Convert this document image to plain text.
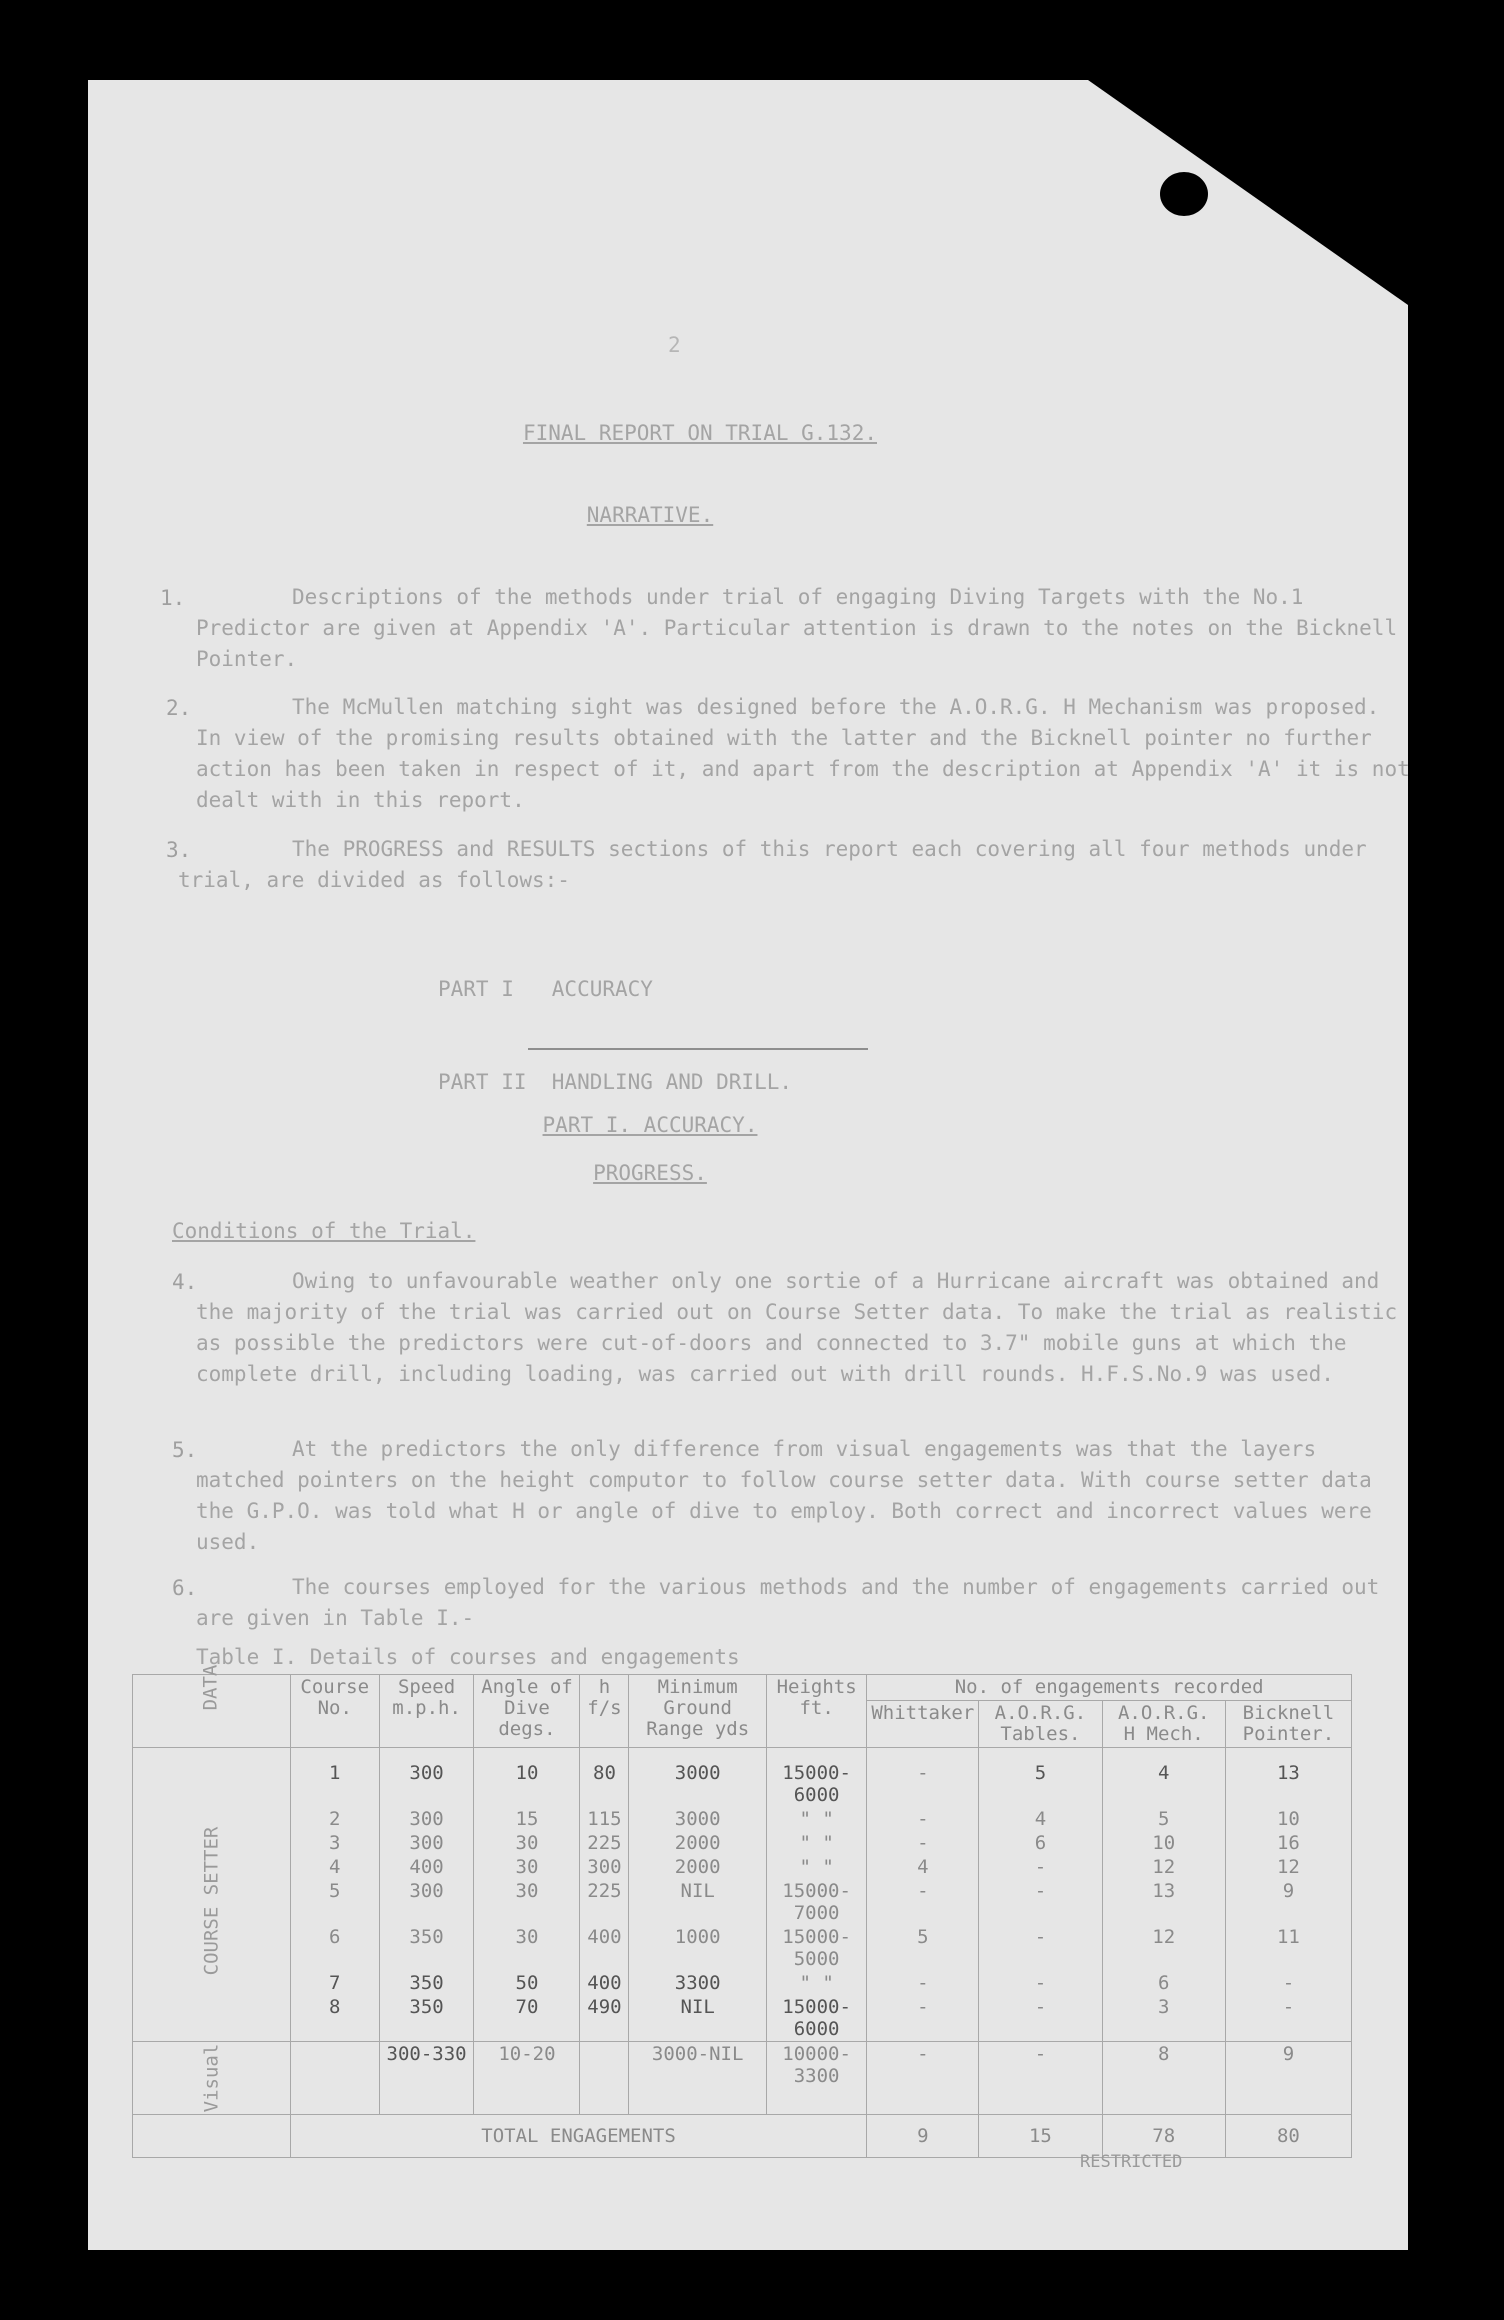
2
FINAL REPORT ON TRIAL G.132.
NARRATIVE.
1.	Descriptions of the methods under trial of engaging Diving Targets with the No.1 Predictor are given at Appendix 'A'. Particular attention is drawn to the notes on the Bicknell Pointer.
2.	The McMullen matching sight was designed before the A.O.R.G. H Mechanism was proposed. In view of the promising results obtained with the latter and the Bicknell pointer no further action has been taken in respect of it, and apart from the description at Appendix 'A' it is not dealt with in this report.
3.	The PROGRESS and RESULTS sections of this report each covering all four methods under trial, are divided as follows:-

PART I   ACCURACY

PART II  HANDLING AND DRILL.

PART I. ACCURACY.
PROGRESS.
Conditions of the Trial.
4.	Owing to unfavourable weather only one sortie of a Hurricane aircraft was obtained and the majority of the trial was carried out on Course Setter data. To make the trial as realistic as possible the predictors were cut-of-doors and connected to 3.7" mobile guns at which the complete drill, including loading, was carried out with drill rounds. H.F.S.No.9 was used.
5.	At the predictors the only difference from visual engagements was that the layers matched pointers on the height computor to follow course setter data. With course setter data the G.P.O. was told what H or angle of dive to employ. Both correct and incorrect values were used.
6.	The courses employed for the various methods and the number of engagements carried out are given in Table I.-
Table I. Details of courses and engagements
DATA	Course No.	Speed m.p.h.	Angle of Dive degs.	h f/s	Minimum Ground Range yds	Heights ft.	No. of engagements recorded			
							Whittaker	A.O.R.G. Tables.	A.O.R.G. H Mech.	Bicknell Pointer.
COURSE SETTER	1	300	10	80	3000	15000-6000	-	5	4	13
	2	300	15	115	3000	" "	-	4	5	10
	3	300	30	225	2000	" "	-	6	10	16
	4	400	30	300	2000	" "	4	-	12	12
	5	300	30	225	NIL	15000-7000	-	-	13	9
	6	350	30	400	1000	15000-5000	5	-	12	11
	7	350	50	400	3300	" "	-	-	6	-
	8	350	70	490	NIL	15000-6000	-	-	3	-
Visual		300-330	10-20		3000-NIL	10000-3300	-	-	8	9
	TOTAL ENGAGEMENTS						9	15	78	80
RESTRICTED
